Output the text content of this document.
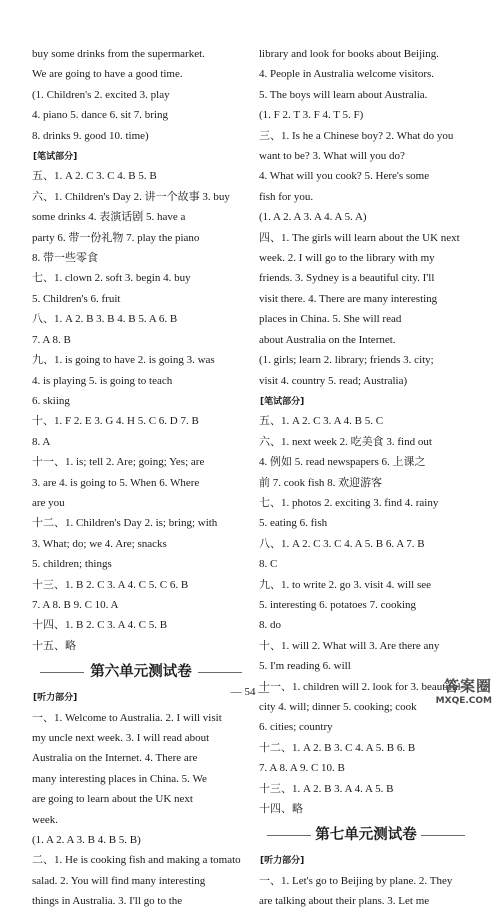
buy some drinks from the supermarket.
We are going to have a good time.
(1. Children's 2. excited 3. play
4. piano 5. dance 6. sit 7. bring
8. drinks 9. good 10. time)
[笔试部分]
五、1. A 2. C 3. C 4. B 5. B
六、1. Children's Day 2. 讲一个故事 3. buy
some drinks 4. 表演话剧 5. have a
party 6. 带一份礼物 7. play the piano
8. 带一些零食
七、1. clown 2. soft 3. begin 4. buy
5. Children's 6. fruit
八、1. A 2. B 3. B 4. B 5. A 6. B
7. A 8. B
九、1. is going to have 2. is going 3. was
4. is playing 5. is going to teach
6. skiing
十、1. F 2. E 3. G 4. H 5. C 6. D 7. B
8. A
十一、1. is; tell 2. Are; going; Yes; are
3. are 4. is going to 5. When 6. Where
are you
十二、1. Children's Day 2. is; bring; with
3. What; do; we 4. Are; snacks
5. children; things
十三、1. B 2. C 3. A 4. C 5. C 6. B
7. A 8. B 9. C 10. A
十四、1. B 2. C 3. A 4. C 5. B
十五、略
第六单元测试卷
[听力部分]
一、1. Welcome to Australia. 2. I will visit
my uncle next week. 3. I will read about
Australia on the Internet. 4. There are
many interesting places in China. 5. We
are going to learn about the UK next
week.
(1. A 2. A 3. B 4. B 5. B)
二、1. He is cooking fish and making a tomato
salad. 2. You will find many interesting
things in Australia. 3. I'll go to the
library and look for books about Beijing.
4. People in Australia welcome visitors.
5. The boys will learn about Australia.
(1. F 2. T 3. F 4. T 5. F)
三、1. Is he a Chinese boy? 2. What do you
want to be? 3. What will you do?
4. What will you cook? 5. Here's some
fish for you.
(1. A 2. A 3. A 4. A 5. A)
四、1. The girls will learn about the UK next
week. 2. I will go to the library with my
friends. 3. Sydney is a beautiful city. I'll
visit there. 4. There are many interesting
places in China. 5. She will read
about Australia on the Internet.
(1. girls; learn 2. library; friends 3. city;
visit 4. country 5. read; Australia)
[笔试部分]
五、1. A 2. C 3. A 4. B 5. C
六、1. next week 2. 吃美食 3. find out
4. 例如 5. read newspapers 6. 上课之
前 7. cook fish 8. 欢迎游客
七、1. photos 2. exciting 3. find 4. rainy
5. eating 6. fish
八、1. A 2. C 3. C 4. A 5. B 6. A 7. B
8. C
九、1. to write 2. go 3. visit 4. will see
5. interesting 6. potatoes 7. cooking
8. do
十、1. will 2. What will 3. Are there any
5. I'm reading 6. will
十一、1. children will 2. look for 3. beautiful
city 4. will; dinner 5. cooking; cook
6. cities; country
十二、1. A 2. B 3. C 4. A 5. B 6. B
7. A 8. A 9. C 10. B
十三、1. A 2. B 3. A 4. A 5. B
十四、略
第七单元测试卷
[听力部分]
一、1. Let's go to Beijing by plane. 2. They
are talking about their plans. 3. Let me
— 54 —	答案圈
MXQE.COM
